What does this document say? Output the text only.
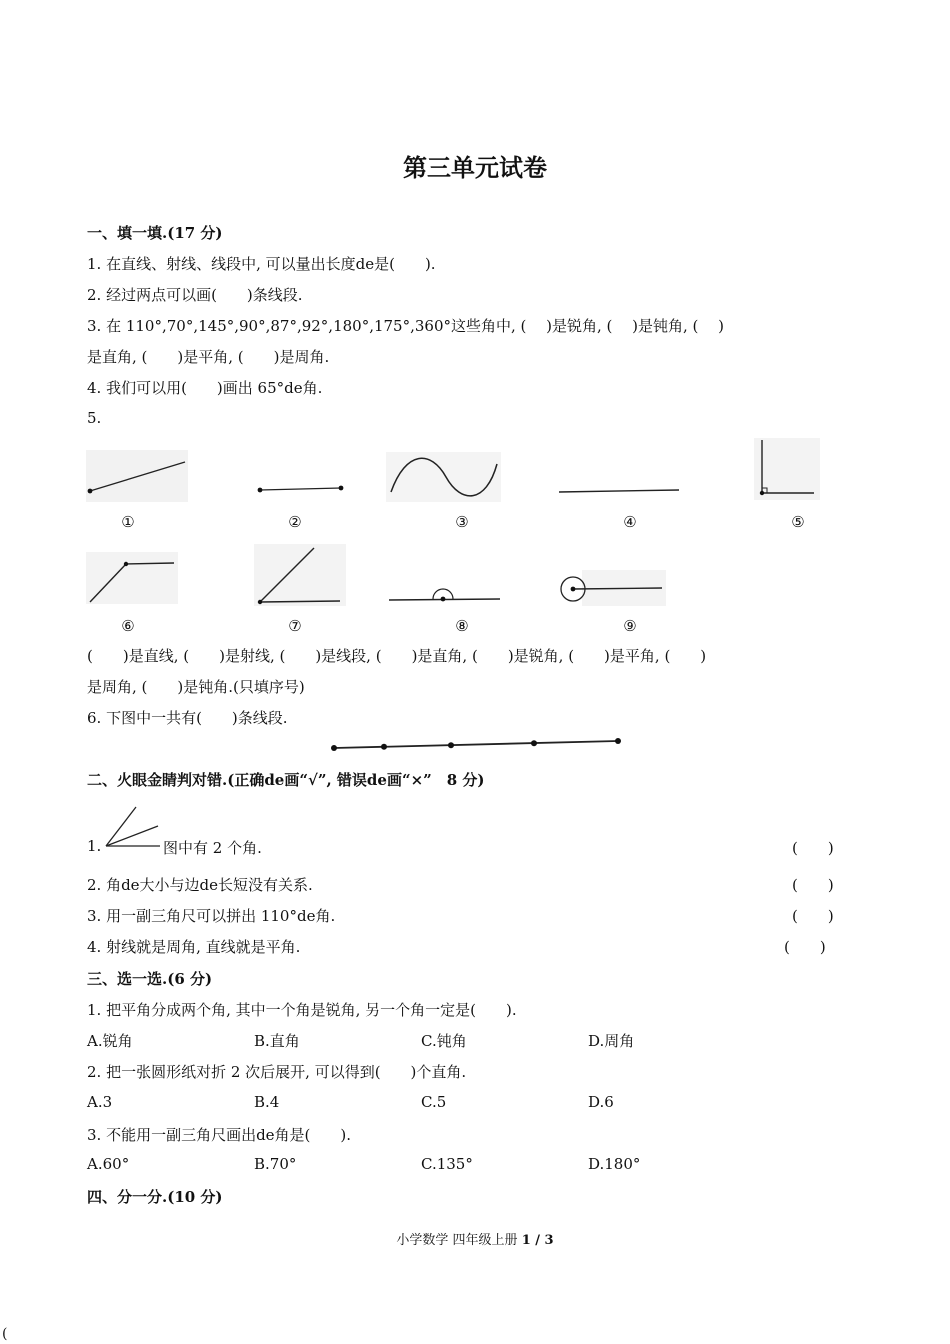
第三单元试卷
一、填一填.(17 分)
1. 在直线、射线、线段中, 可以量出长度de是(　　).
2. 经过两点可以画(　　)条线段.
3. 在 110°,70°,145°,90°,87°,92°,180°,175°,360°这些角中, (　 )是锐角, (　 )是钝角, (　 )
是直角, (　　)是平角, (　　)是周角.
4. 我们可以用(　　)画出 65°de角.
5.
①	②	③	④	⑤
⑥	⑦	⑧	⑨
(　　)是直线, (　　)是射线, (　　)是线段, (　　)是直角, (　　)是锐角, (　　)是平角, (　　)
是周角, (　　)是钝角.(只填序号)
6. 下图中一共有(　　)条线段.
二、火眼金睛判对错.(正确de画“√”, 错误de画“×”　8 分)
1.	图中有 2 个角.	(　　)
2. 角de大小与边de长短没有关系.	(　　)
3. 用一副三角尺可以拼出 110°de角.	(　　)
4. 射线就是周角, 直线就是平角.	(　　)
三、选一选.(6 分)
1. 把平角分成两个角, 其中一个角是锐角, 另一个角一定是(　　).
A.锐角	B.直角	C.钝角	D.周角
2. 把一张圆形纸对折 2 次后展开, 可以得到(　　)个直角.
A.3	B.4	C.5	D.6
3. 不能用一副三角尺画出de角是(　　).
A.60°	B.70°	C.135°	D.180°
四、分一分.(10 分)
小学数学 四年级上册 1 / 3
(
